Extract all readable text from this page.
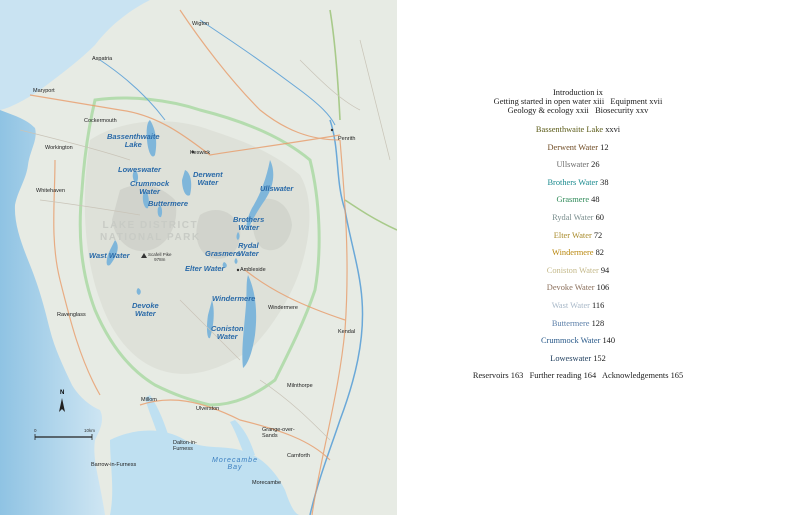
LAKE DISTRICT
NATIONAL PARK
N
0	10km
Morecambe
Bay
Wigton
Aspatria
Maryport
Cockermouth
Workington
Keswick
Penrith
Whitehaven
Ambleside
Ravenglass
Windermere
Kendal
Millom
Ulverston
Milnthorpe
Dalton-in-
Furness
Grange-over-
Sands
Barrow-in-Furness
Carnforth
Morecambe
Scafell Pike
978m
Bassenthwaite
Lake
Loweswater
Crummock
Water
Buttermere
Derwent
Water
Ullswater
Brothers
Water
Rydal
Water
Grasmere
Elter Water
Wast Water
Devoke
Water
Windermere
Coniston
Water
Introduction ix
Getting started in open water xiii   Equipment xvii
Geology & ecology xxii   Biosecurity xxv
Bassenthwaite Lake xxvi
Derwent Water 12
Ullswater 26
Brothers Water 38
Grasmere 48
Rydal Water 60
Elter Water 72
Windermere 82
Coniston Water 94
Devoke Water 106
Wast Water 116
Buttermere 128
Crummock Water 140
Loweswater 152
Reservoirs 163   Further reading 164   Acknowledgements 165
